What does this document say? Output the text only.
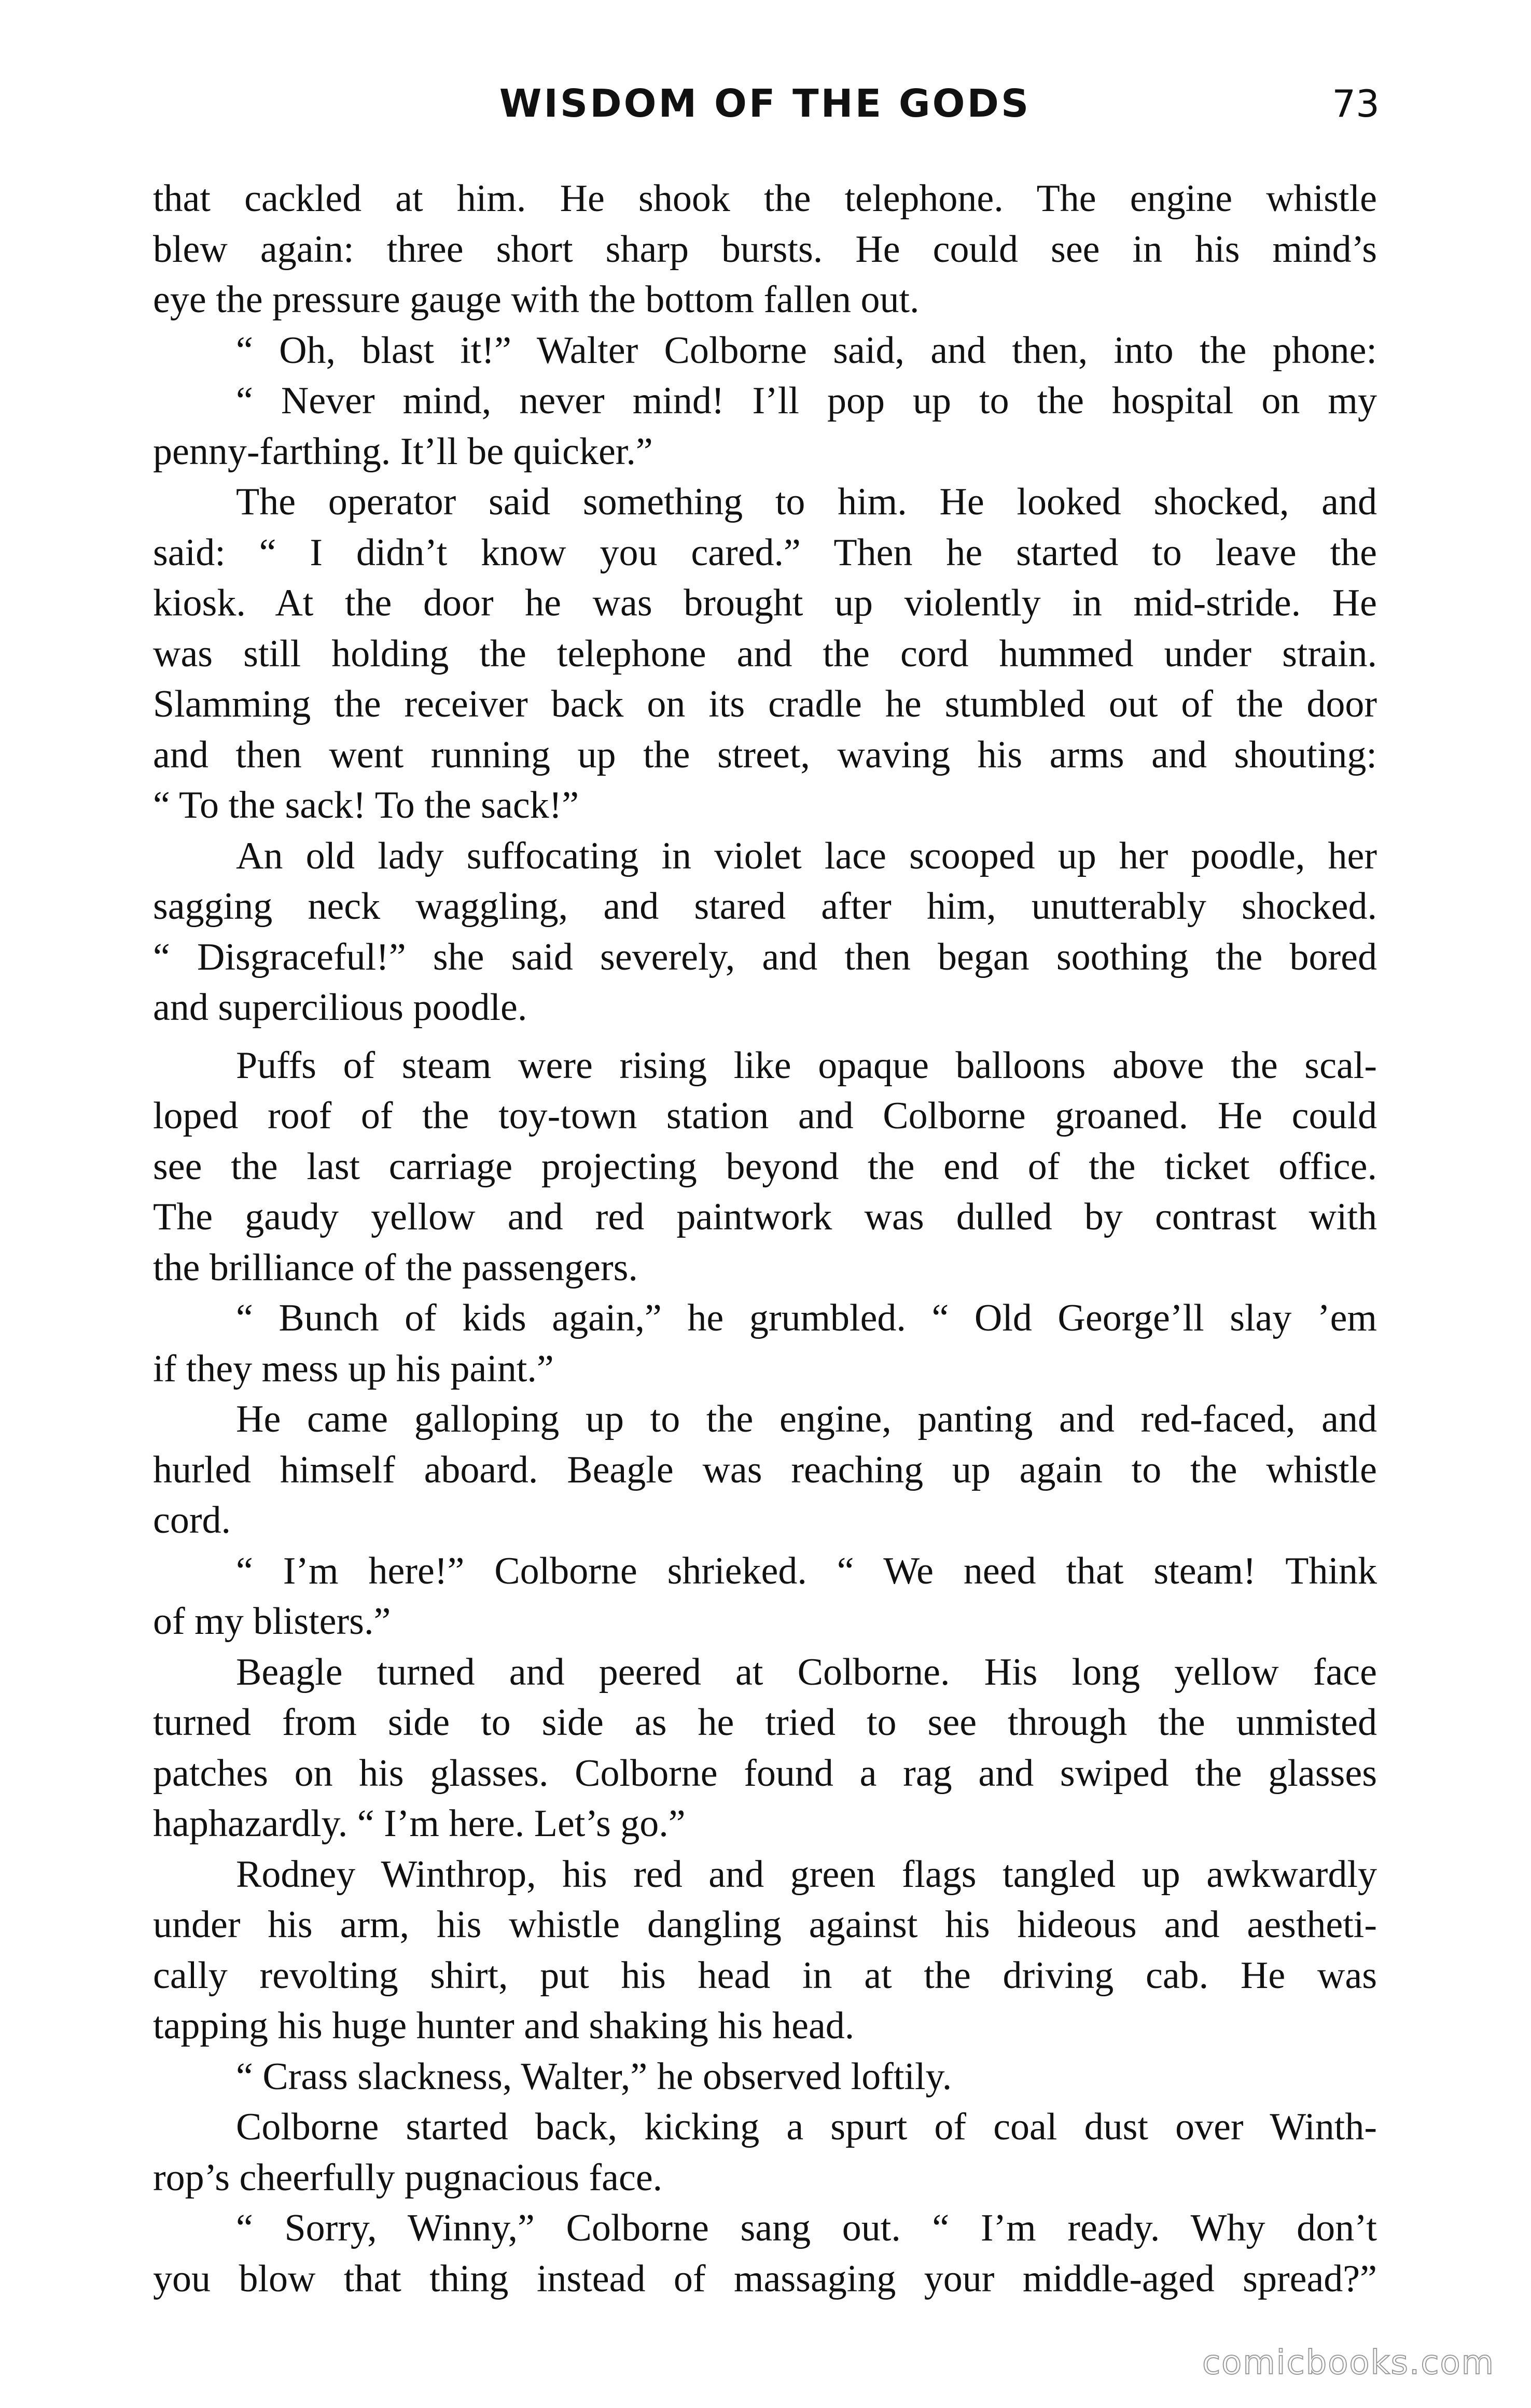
WISDOM OF THE GODS	73
that cackled at him. He shook the telephone. The engine whistle
blew again: three short sharp bursts. He could see in his mind’s
eye the pressure gauge with the bottom fallen out.
“ Oh, blast it!” Walter Colborne said, and then, into the phone:
“ Never mind, never mind! I’ll pop up to the hospital on my
penny-farthing. It’ll be quicker.”
The operator said something to him. He looked shocked, and
said: “ I didn’t know you cared.” Then he started to leave the
kiosk. At the door he was brought up violently in mid-stride. He
was still holding the telephone and the cord hummed under strain.
Slamming the receiver back on its cradle he stumbled out of the door
and then went running up the street, waving his arms and shouting:
“ To the sack! To the sack!”
An old lady suffocating in violet lace scooped up her poodle, her
sagging neck waggling, and stared after him, unutterably shocked.
“ Disgraceful!” she said severely, and then began soothing the bored
and supercilious poodle.
Puffs of steam were rising like opaque balloons above the scal-
loped roof of the toy-town station and Colborne groaned. He could
see the last carriage projecting beyond the end of the ticket office.
The gaudy yellow and red paintwork was dulled by contrast with
the brilliance of the passengers.
“ Bunch of kids again,” he grumbled. “ Old George’ll slay ’em
if they mess up his paint.”
He came galloping up to the engine, panting and red-faced, and
hurled himself aboard. Beagle was reaching up again to the whistle
cord.
“ I’m here!” Colborne shrieked. “ We need that steam! Think
of my blisters.”
Beagle turned and peered at Colborne. His long yellow face
turned from side to side as he tried to see through the unmisted
patches on his glasses. Colborne found a rag and swiped the glasses
haphazardly. “ I’m here. Let’s go.”
Rodney Winthrop, his red and green flags tangled up awkwardly
under his arm, his whistle dangling against his hideous and aestheti-
cally revolting shirt, put his head in at the driving cab. He was
tapping his huge hunter and shaking his head.
“ Crass slackness, Walter,” he observed loftily.
Colborne started back, kicking a spurt of coal dust over Winth-
rop’s cheerfully pugnacious face.
“ Sorry, Winny,” Colborne sang out. “ I’m ready. Why don’t
you blow that thing instead of massaging your middle-aged spread?”
comicbooks.com
